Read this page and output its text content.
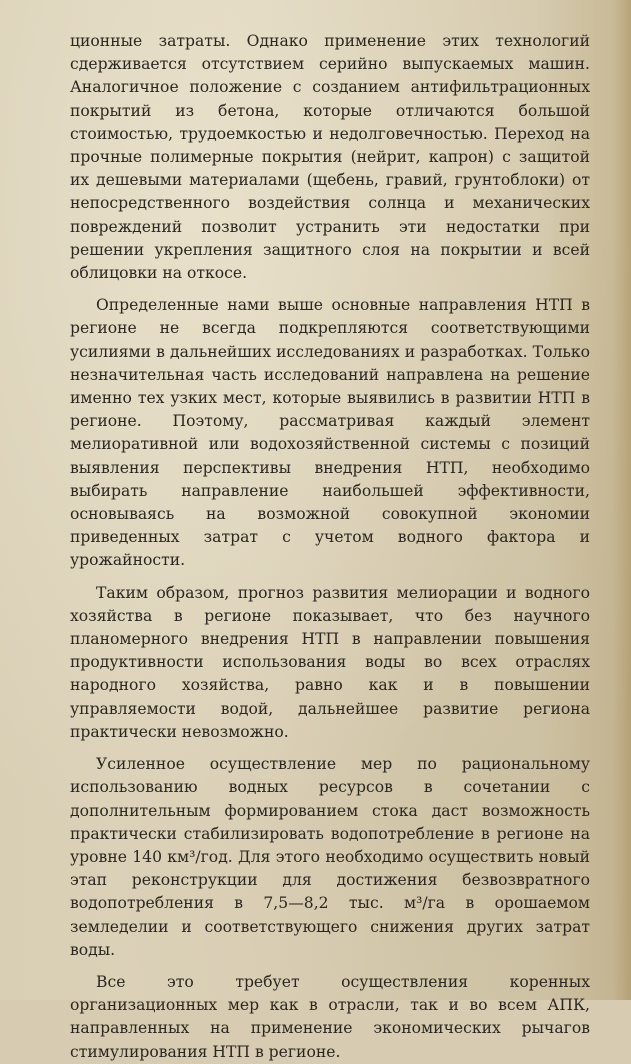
ционные затраты. Однако применение этих технологий сдерживается отсутствием серийно выпускаемых машин. Аналогичное положение с созданием антифильтрационных покрытий из бетона, которые отличаются большой стоимостью, трудоемкостью и недолговечностью. Переход на прочные полимерные покрытия (нейрит, капрон) с защитой их дешевыми материалами (щебень, гравий, грунтоблоки) от непосредственного воздействия солнца и механических повреждений позволит устранить эти недостатки при решении укрепления защитного слоя на покрытии и всей облицовки на откосе.

Определенные нами выше основные направления НТП в регионе не всегда подкрепляются соответствующими усилиями в дальнейших исследованиях и разработках. Только незначительная часть исследований направлена на решение именно тех узких мест, которые выявились в развитии НТП в регионе. Поэтому, рассматривая каждый элемент мелиоративной или водохозяйственной системы с позиций выявления перспективы внедрения НТП, необходимо выбирать направление наибольшей эффективности, основываясь на возможной совокупной экономии приведенных затрат с учетом водного фактора и урожайности.

Таким образом, прогноз развития мелиорации и водного хозяйства в регионе показывает, что без научного планомерного внедрения НТП в направлении повышения продуктивности использования воды во всех отраслях народного хозяйства, равно как и в повышении управляемости водой, дальнейшее развитие региона практически невозможно.

Усиленное осуществление мер по рациональному использованию водных ресурсов в сочетании с дополнительным формированием стока даст возможность практически стабилизировать водопотребление в регионе на уровне 140 км³/год. Для этого необходимо осуществить новый этап реконструкции для достижения безвозвратного водопотребления в 7,5—8,2 тыс. м³/га в орошаемом земледелии и соответствующего снижения других затрат воды.

Все это требует осуществления коренных организационных мер как в отрасли, так и во всем АПК, направленных на применение экономических рычагов стимулирования НТП в регионе.
